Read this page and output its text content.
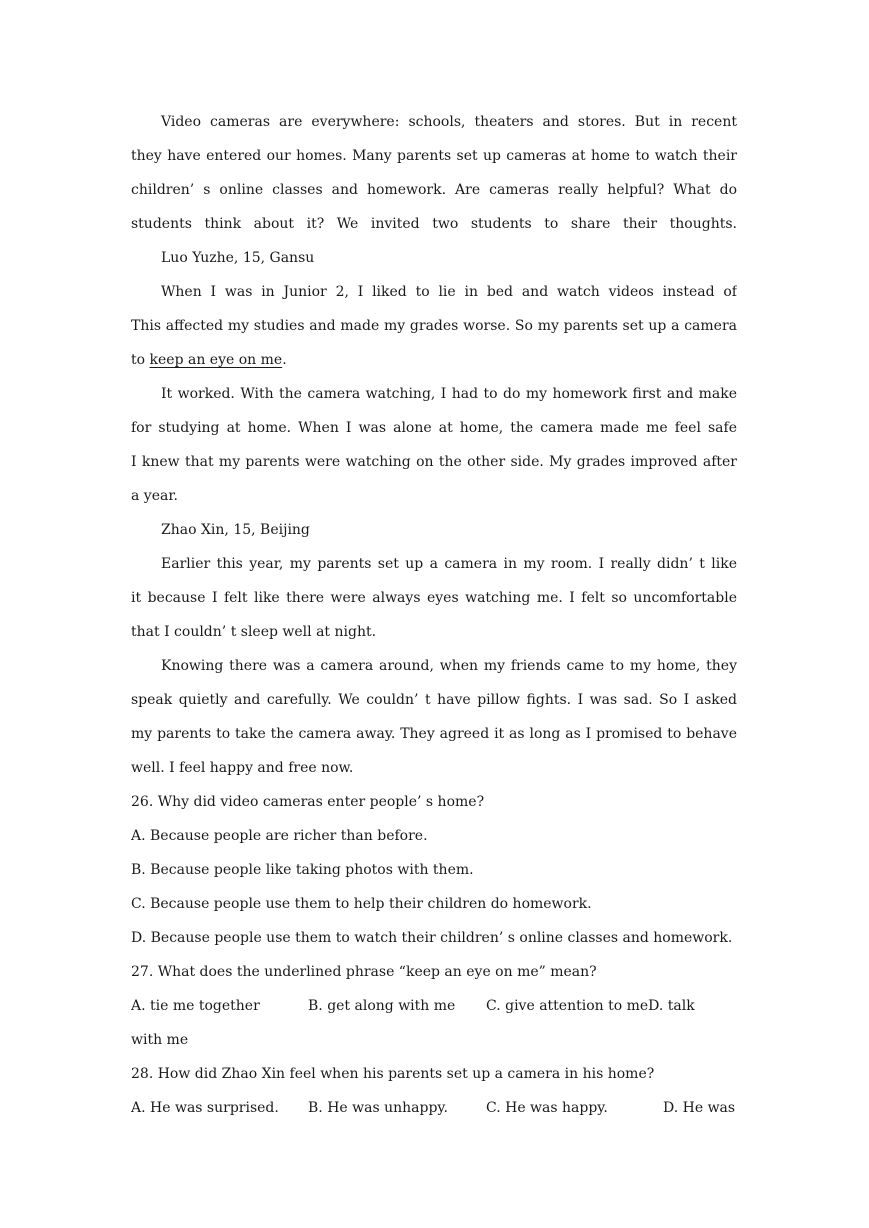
Video cameras are everywhere: schools, theaters and stores. But in recent
they have entered our homes. Many parents set up cameras at home to watch their
children’ s online classes and homework. Are cameras really helpful? What do
students think about it? We invited two students to share their thoughts.
Luo Yuzhe, 15, Gansu
When I was in Junior 2, I liked to lie in bed and watch videos instead of
This affected my studies and made my grades worse. So my parents set up a camera
to keep an eye on me.
It worked. With the camera watching, I had to do my homework first and make
for studying at home. When I was alone at home, the camera made me feel safe
I knew that my parents were watching on the other side. My grades improved after
a year.
Zhao Xin, 15, Beijing
Earlier this year, my parents set up a camera in my room. I really didn’ t like
it because I felt like there were always eyes watching me. I felt so uncomfortable
that I couldn’ t sleep well at night.
Knowing there was a camera around, when my friends came to my home, they
speak quietly and carefully. We couldn’ t have pillow fights. I was sad. So I asked
my parents to take the camera away. They agreed it as long as I promised to behave
well. I feel happy and free now.
26. Why did video cameras enter people’ s home?
A. Because people are richer than before.
B. Because people like taking photos with them.
C. Because people use them to help their children do homework.
D. Because people use them to watch their children’ s online classes and homework.
27. What does the underlined phrase “keep an eye on me” mean?
A. tie me together	B. get along with me C. give attention to meD. talk
with me
28. How did Zhao Xin feel when his parents set up a camera in his home?
A. He was surprised. B. He was unhappy.	C. He was happy.	D. He was
